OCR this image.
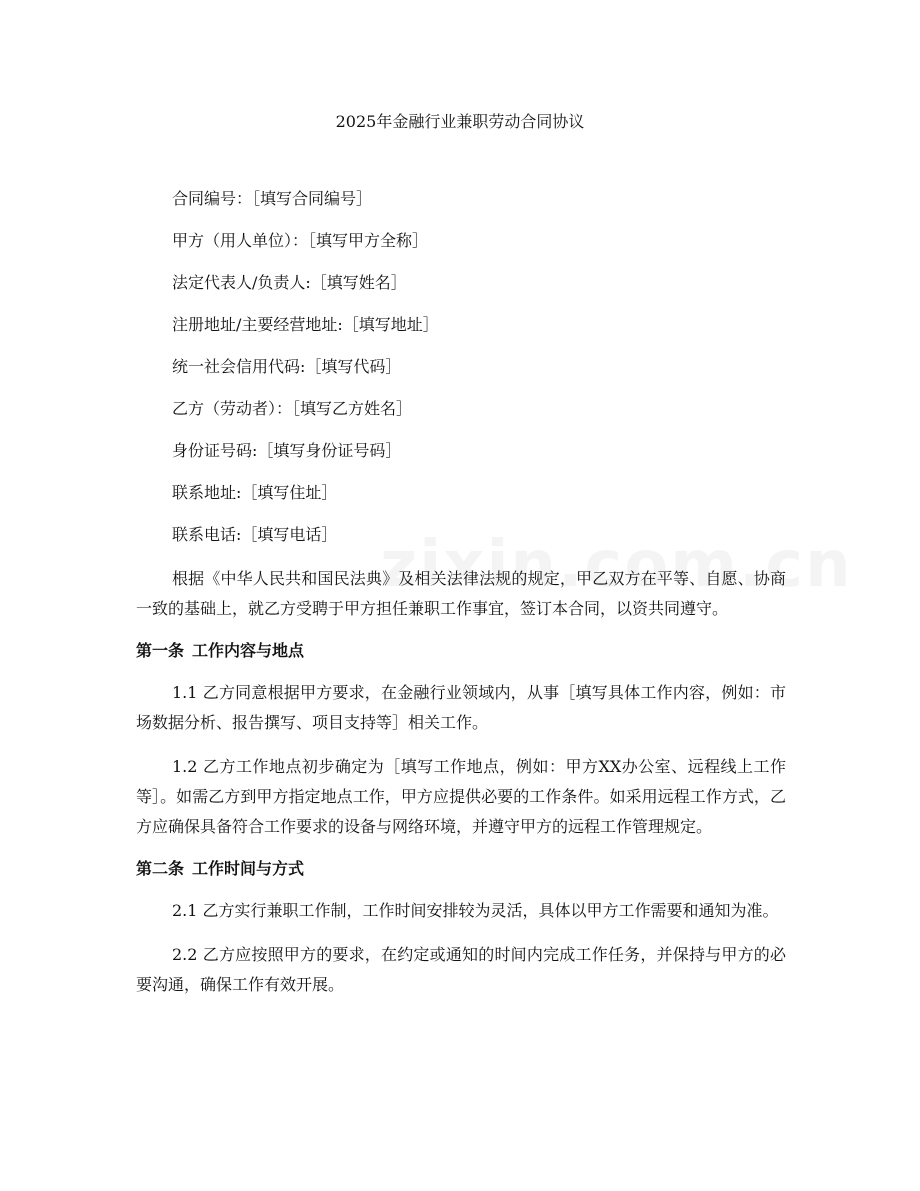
2025年金融行业兼职劳动合同协议
合同编号：［填写合同编号］
甲方（用人单位）：［填写甲方全称］
法定代表人/负责人:［填写姓名］
注册地址/主要经营地址:［填写地址］
统一社会信用代码:［填写代码］
乙方（劳动者）：［填写乙方姓名］
身份证号码:［填写身份证号码］
联系地址:［填写住址］
联系电话:［填写电话］

根据《中华人民共和国民法典》及相关法律法规的规定，甲乙双方在平等、自愿、协商一致的基础上，就乙方受聘于甲方担任兼职工作事宜，签订本合同，以资共同遵守。

第一条 工作内容与地点

1.1 乙方同意根据甲方要求，在金融行业领域内，从事［填写具体工作内容，例如：市场数据分析、报告撰写、项目支持等］相关工作。

1.2 乙方工作地点初步确定为［填写工作地点，例如：甲方XX办公室、远程线上工作等］。如需乙方到甲方指定地点工作，甲方应提供必要的工作条件。如采用远程工作方式，乙方应确保具备符合工作要求的设备与网络环境，并遵守甲方的远程工作管理规定。

第二条 工作时间与方式

2.1 乙方实行兼职工作制，工作时间安排较为灵活，具体以甲方工作需要和通知为准。

2.2 乙方应按照甲方的要求，在约定或通知的时间内完成工作任务，并保持与甲方的必要沟通，确保工作有效开展。
